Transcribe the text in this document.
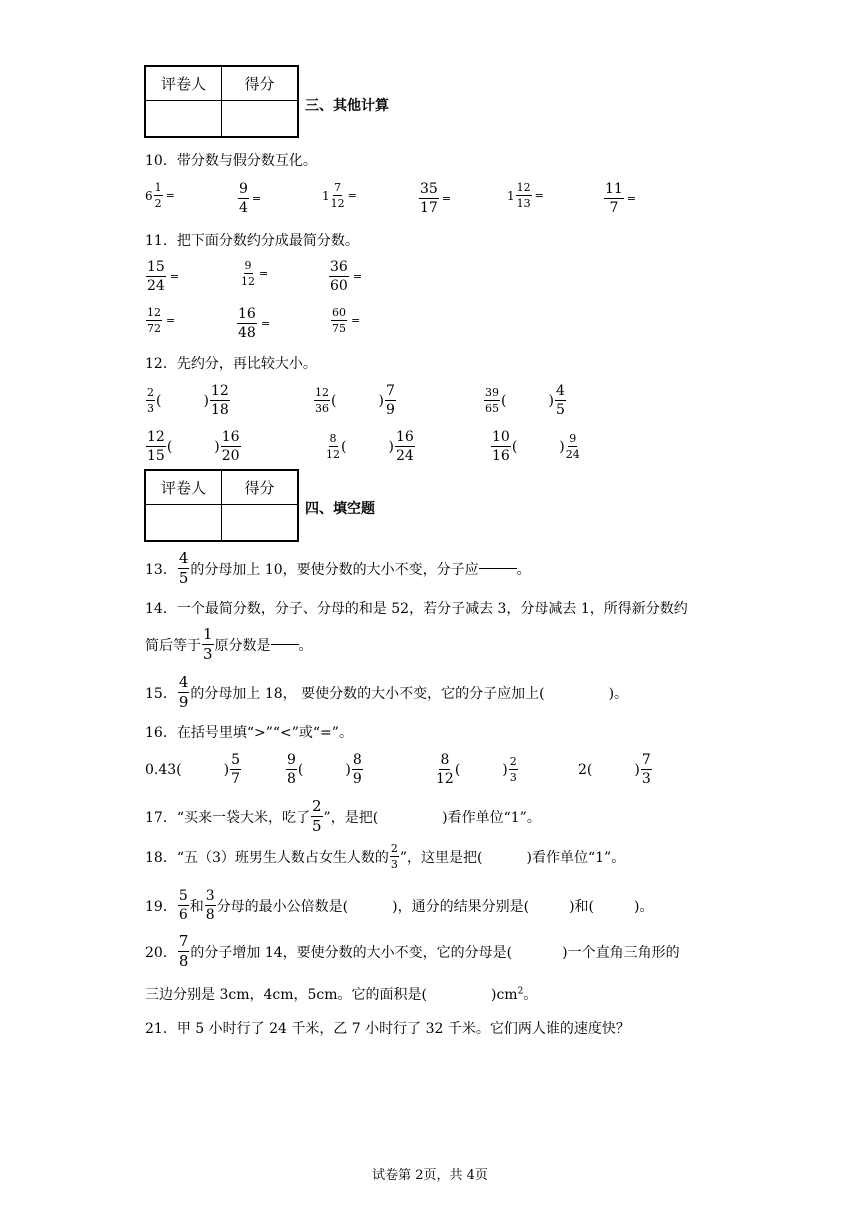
评卷人	得分

三、其他计算
10．带分数与假分数互化。
11．把下面分数约分成最简分数。
12．先约分，再比较大小。
评卷人	得分

四、填空题
13． $\frac{4}{5}$ 的分母加上 10，要使分数的大小不变，分子应	。
14．一个最简分数，分子、分母的和是 52，若分子减去 3，分母减去 1，所得新分数约
简后等于 $\frac{1}{3}$ 原分数是 。
15． $\frac{4}{9}$ 的分母加上 18， 要使分数的大小不变，它的分子应加上(	)。
16．在括号里填“>”“<”或“=”。
17．“买来一袋大米，吃了 $\frac{2}{5}$ ”，是把(	)看作单位“1”。
18．“五（3）班男生人数占女生人数的 $\frac{2}{3}$ ”，这里是把(	)看作单位“1”。
19． $\frac{5}{6}$ 和 $\frac{3}{8}$ 分母的最小公倍数是(	)，通分的结果分别是(	)和(	)。
20． $\frac{7}{8}$ 的分子增加 14，要使分数的大小不变，它的分母是(	)一个直角三角形的
三边分别是 3cm，4cm，5cm。它的面积是(	)$cm^2$。
21．甲 5 小时行了 24 千米，乙 7 小时行了 32 千米。它们两人谁的速度快？
试卷第 2页，共 4页
$6 \frac{1}{2}$ =	$\frac{9}{4}$ =	$1 \frac{7}{12}$ =	$\frac{35}{17}$ =	$1 \frac{12}{13}$ =	$\frac{11}{7}$ =
$\frac{15}{24}$ =	$\frac{9}{12}$ =	$\frac{36}{60}$ =
$\frac{12}{72}$ =	$\frac{16}{48}$ =	$\frac{60}{75}$ =
$\frac{2}{3}$ (	) $\frac{12}{18}$	$\frac{12}{36}$ (	) $\frac{7}{9}$	$\frac{39}{65}$ (	) $\frac{4}{5}$
$\frac{12}{15}$ (	) $\frac{16}{20}$	$\frac{8}{12}$ (	) $\frac{16}{24}$	$\frac{10}{16}$ (	) $\frac{9}{24}$
0.43 (	) $\frac{5}{7}$	$\frac{9}{8}$ (	) $\frac{8}{9}$	$\frac{8}{12}$ (	) $\frac{2}{3}$	2 (	) $\frac{7}{3}$
